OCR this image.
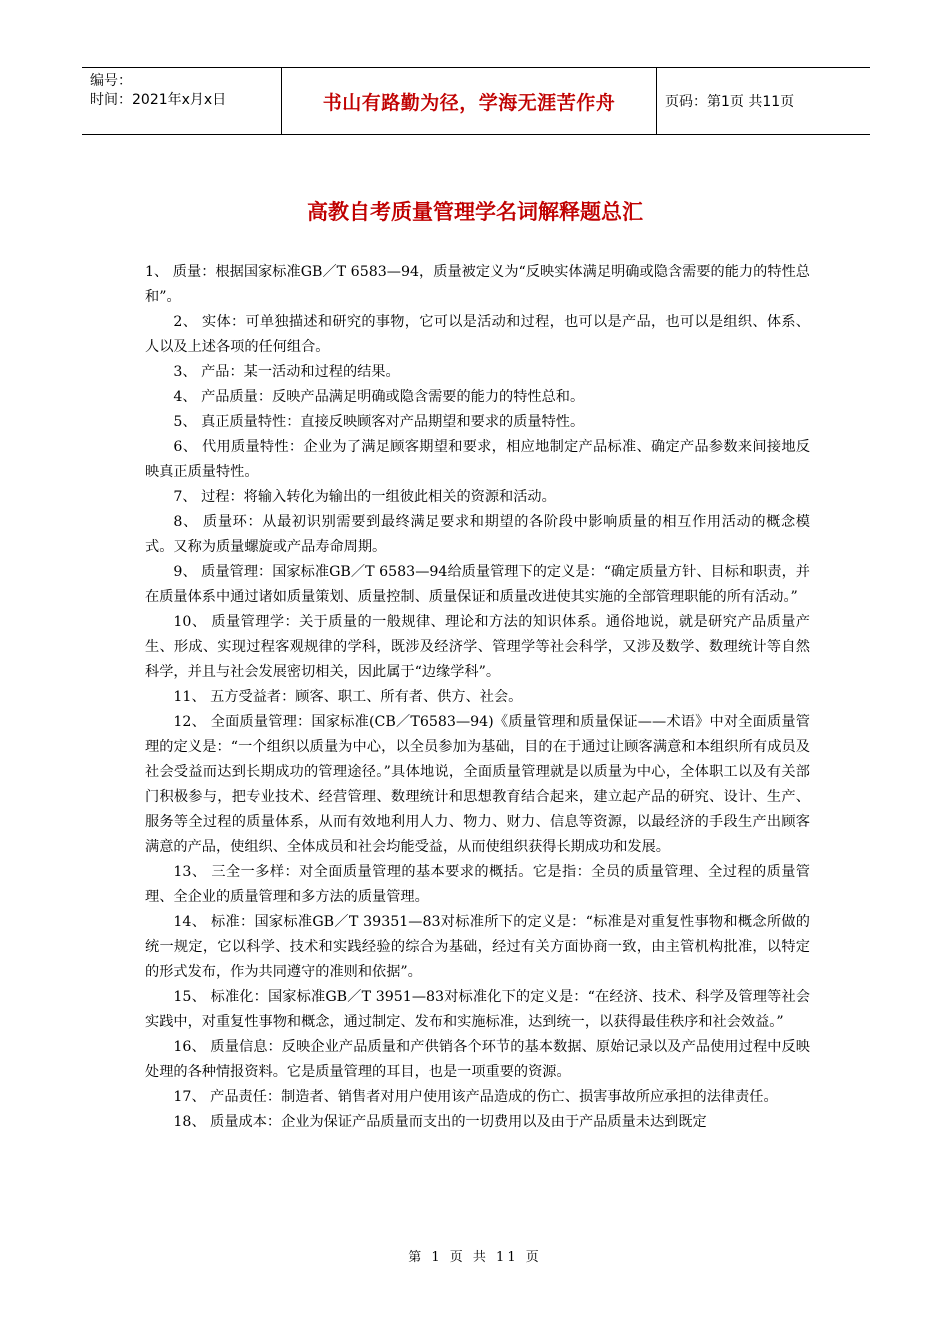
编号：
时间：2021年x月x日	书山有路勤为径，学海无涯苦作舟	页码：第1页 共11页
高教自考质量管理学名词解释题总汇

1、 质量：根据国家标准GB／T 6583—94，质量被定义为“反映实体满足明确或隐含需要的能力的特性总和”。

2、 实体：可单独描述和研究的事物，它可以是活动和过程，也可以是产品，也可以是组织、体系、人以及上述各项的任何组合。

3、 产品：某一活动和过程的结果。

4、 产品质量：反映产品满足明确或隐含需要的能力的特性总和。

5、 真正质量特性：直接反映顾客对产品期望和要求的质量特性。

6、 代用质量特性：企业为了满足顾客期望和要求，相应地制定产品标准、确定产品参数来间接地反映真正质量特性。

7、 过程：将输入转化为输出的一组彼此相关的资源和活动。

8、 质量环：从最初识别需要到最终满足要求和期望的各阶段中影响质量的相互作用活动的概念模式。又称为质量螺旋或产品寿命周期。

9、 质量管理：国家标准GB／T 6583—94给质量管理下的定义是：“确定质量方针、目标和职责，并在质量体系中通过诸如质量策划、质量控制、质量保证和质量改进使其实施的全部管理职能的所有活动。”

10、 质量管理学：关于质量的一般规律、理论和方法的知识体系。通俗地说，就是研究产品质量产生、形成、实现过程客观规律的学科，既涉及经济学、管理学等社会科学，又涉及数学、数理统计等自然科学，并且与社会发展密切相关，因此属于“边缘学科”。

11、 五方受益者：顾客、职工、所有者、供方、社会。

12、 全面质量管理：国家标准(CB／T6583—94)《质量管理和质量保证——术语》中对全面质量管理的定义是：“一个组织以质量为中心，以全员参加为基础，目的在于通过让顾客满意和本组织所有成员及社会受益而达到长期成功的管理途径。”具体地说，全面质量管理就是以质量为中心，全体职工以及有关部门积极参与，把专业技术、经营管理、数理统计和思想教育结合起来，建立起产品的研究、设计、生产、服务等全过程的质量体系，从而有效地利用人力、物力、财力、信息等资源，以最经济的手段生产出顾客满意的产品，使组织、全体成员和社会均能受益，从而使组织获得长期成功和发展。

13、 三全一多样：对全面质量管理的基本要求的概括。它是指：全员的质量管理、全过程的质量管理、全企业的质量管理和多方法的质量管理。

14、 标准：国家标准GB／T 39351—83对标准所下的定义是：“标准是对重复性事物和概念所做的统一规定，它以科学、技术和实践经验的综合为基础，经过有关方面协商一致，由主管机构批准，以特定的形式发布，作为共同遵守的准则和依据”。

15、 标准化：国家标准GB／T 3951—83对标准化下的定义是：“在经济、技术、科学及管理等社会实践中，对重复性事物和概念，通过制定、发布和实施标准，达到统一，以获得最佳秩序和社会效益。”

16、 质量信息：反映企业产品质量和产供销各个环节的基本数据、原始记录以及产品使用过程中反映处理的各种情报资料。它是质量管理的耳目，也是一项重要的资源。

17、 产品责任：制造者、销售者对用户使用该产品造成的伤亡、损害事故所应承担的法律责任。

18、 质量成本：企业为保证产品质量而支出的一切费用以及由于产品质量未达到既定

第 1 页 共 11 页
